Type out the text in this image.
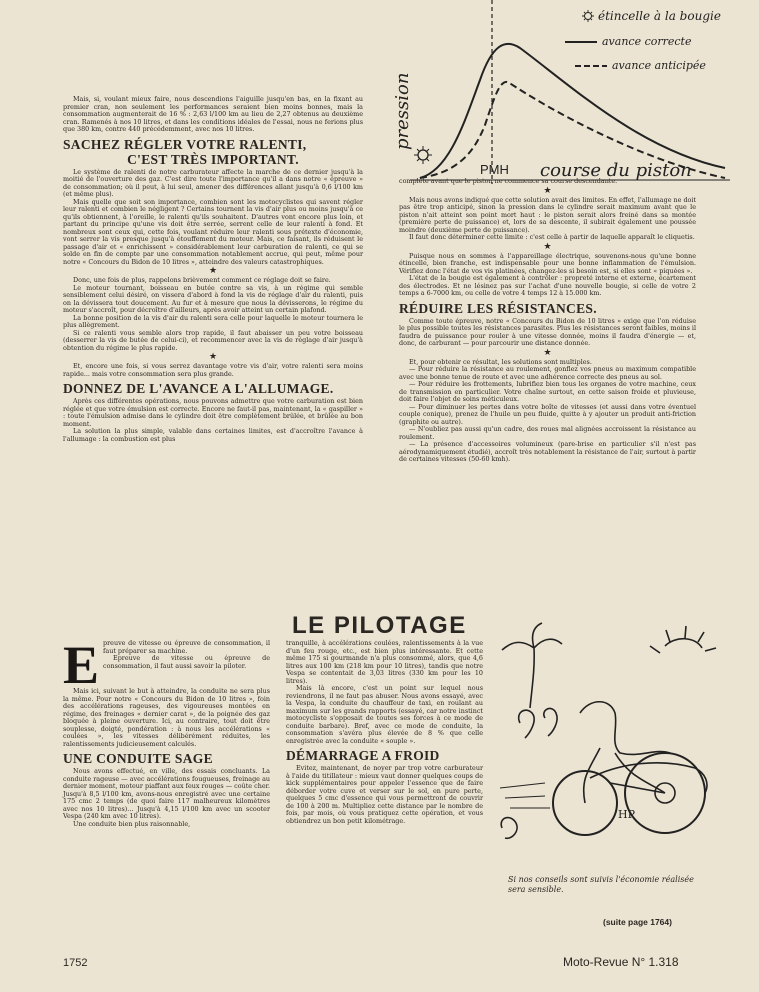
étincelle à la bougie
avance correcte
avance anticipée
pression
PMH course du piston

Mais, si, voulant mieux faire, nous descendions l'aiguille jusqu'en bas, en la fixant au premier cran, non seulement les performances seraient bien moins bonnes, mais la consommation augmenterait de 16 % : 2,63 l/100 km au lieu de 2,27 obtenus au deuxième cran. Ramenés à nos 10 litres, et dans les conditions idéales de l'essai, nous ne ferions plus que 380 km, contre 440 précédemment, avec nos 10 litres.

SACHEZ RÉGLER VOTRE RALENTI,
C'EST TRÈS IMPORTANT.

Le système de ralenti de notre carburateur affecte la marche de ce dernier jusqu'à la moitié de l'ouverture des gaz. C'est dire toute l'importance qu'il a dans notre « épreuve » de consommation; où il peut, à lui seul, amener des différences allant jusqu'à 0,6 l/100 km (et même plus).

Mais quelle que soit son importance, combien sont les motocyclistes qui savent régler leur ralenti et combien le négligent ? Certains tournent la vis d'air plus ou moins jusqu'à ce qu'ils obtiennent, à l'oreille, le ralenti qu'ils souhaitent. D'autres vont encore plus loin, et partant du principe qu'une vis doit être serrée, serrent celle de leur ralenti à fond. Et nombreux sont ceux qui, cette fois, voulant réduire leur ralenti sous prétexte d'économie, vont serrer la vis presque jusqu'à étouffement du moteur. Mais, ce faisant, ils réduisent le passage d'air et « enrichissent » considérablement leur carburation de ralenti, ce qui se solde en fin de compte par une consommation notablement accrue, qui peut, même pour notre « Concours du Bidon de 10 litres », atteindre des valeurs catastrophiques.

★

Donc, une fois de plus, rappelons brièvement comment ce réglage doit se faire.

Le moteur tournant, boisseau en butée contre sa vis, à un régime qui semble sensiblement celui désiré, on vissera d'abord à fond la vis de réglage d'air du ralenti, puis on la dévissera tout doucement. Au fur et à mesure que nous la dévisserons, le régime du moteur s'accroît, pour décroître d'ailleurs, après avoir atteint un certain plafond.

La bonne position de la vis d'air du ralenti sera celle pour laquelle le moteur tournera le plus allègrement.

Si ce ralenti vous semble alors trop rapide, il faut abaisser un peu votre boisseau (desserrer la vis de butée de celui-ci), et recommencer avec la vis de réglage d'air jusqu'à obtention du régime le plus rapide.

★

Et, encore une fois, si vous serrez davantage votre vis d'air, votre ralenti sera moins rapide... mais votre consommation sera plus grande.

DONNEZ DE L'AVANCE A L'ALLUMAGE.

Après ces différentes opérations, nous pouvons admettre que votre carburation est bien réglée et que votre émulsion est correcte. Encore ne faut-il pas, maintenant, la « gaspiller » : toute l'émulsion admise dans le cylindre doit être complètement brûlée, et brûlée au bon moment.

La solution la plus simple, valable dans certaines limites, est d'accroître l'avance à l'allumage : la combustion est plus

complète avant que le piston ne commence sa course descendante.

★

Mais nous avons indiqué que cette solution avait des limites. En effet, l'allumage ne doit pas être trop anticipé, sinon la pression dans le cylindre serait maximum avant que le piston n'ait atteint son point mort haut : le piston serait alors freiné dans sa montée (première perte de puissance) et, lors de sa descente, il subirait également une poussée moindre (deuxième perte de puissance).

Il faut donc déterminer cette limite : c'est celle à partir de laquelle apparaît le cliquetis.

★

Puisque nous en sommes à l'appareillage électrique, souvenons-nous qu'une bonne étincelle, bien franche, est indispensable pour une bonne inflammation de l'émulsion. Vérifiez donc l'état de vos vis platinées, changez-les si besoin est, si elles sont « piquées ».

L'état de la bougie est également à contrôler : propreté interne et externe, écartement des électrodes. Et ne lésinez pas sur l'achat d'une nouvelle bougie, si celle de votre 2 temps a 6-7000 km, ou celle de votre 4 temps 12 à 15.000 km.

RÉDUIRE LES RÉSISTANCES.

Comme toute épreuve, notre « Concours du Bidon de 10 litres » exige que l'on réduise le plus possible toutes les résistances parasites. Plus les résistances seront faibles, moins il faudra de puissance pour rouler à une vitesse donnée, moins il faudra d'énergie — et, donc, de carburant — pour parcourir une distance donnée.

★

Et, pour obtenir ce résultat, les solutions sont multiples.

— Pour réduire la résistance au roulement, gonflez vos pneus au maximum compatible avec une bonne tenue de route et avec une adhérence correcte des pneus au sol.

— Pour réduire les frottements, lubrifiez bien tous les organes de votre machine, ceux de transmission en particulier. Votre chaîne surtout, en cette saison froide et pluvieuse, doit faire l'objet de soins méticuleux.

— Pour diminuer les pertes dans votre boîte de vitesses (et aussi dans votre éventuel couple conique), prenez de l'huile un peu fluide, quitte à y ajouter un produit anti-friction (graphite ou autre).

— N'oubliez pas aussi qu'un cadre, des roues mal alignées accroissent la résistance au roulement.

— La présence d'accessoires volumineux (pare-brise en particulier s'il n'est pas aérodynamiquement étudié), accroît très notablement la résistance de l'air, surtout à partir de certaines vitesses (50-60 kmh).

LE PILOTAGE
E preuve de vitesse ou épreuve de consommation, il faut préparer sa machine.

Epreuve de vitesse ou épreuve de consommation, il faut aussi savoir la piloter.

Mais ici, suivant le but à atteindre, la conduite ne sera plus la même. Pour notre « Concours du Bidon de 10 litres », foin des accélérations rageuses, des vigoureuses montées en régime, des freinages « dernier carat », de la poignée des gaz bloquée à pleine ouverture. Ici, au contraire, tout doit être souplesse, doigté, pondération : à nous les accélérations « coulées », les vitesses délibérément réduites, les ralentissements judicieusement calculés.

UNE CONDUITE SAGE

Nous avons effectué, en ville, des essais concluants. La conduite rageuse — avec accélérations fougueuses, freinage au dernier moment, moteur piaffant aux feux rouges — coûte cher. Jusqu'à 8,5 l/100 km, avons-nous enregistré avec une certaine 175 cmc 2 temps (de quoi faire 117 malheureux kilomètres avec nos 10 litres)... Jusqu'à 4,15 l/100 km avec un scooter Vespa (240 km avec 10 litres).

Une conduite bien plus raisonnable,

tranquille, à accélérations coulées, ralentissements à la vue d'un feu rouge, etc., est bien plus intéressante. Et cette même 175 si gourmande n'a plus consommé, alors, que 4,6 litres aux 100 km (218 km pour 10 litres), tandis que notre Vespa se contentait de 3,03 litres (330 km pour les 10 litres).

Mais là encore, c'est un point sur lequel nous reviendrons, il ne faut pas abuser. Nous avons essayé, avec la Vespa, la conduite du chauffeur de taxi, en roulant au maximum sur les grands rapports (essayé, car notre instinct motocycliste s'opposait de toutes ses forces à ce mode de conduite barbare). Bref, avec ce mode de conduite, la consommation s'avéra plus élevée de 8 % que celle enregistrée avec la conduite « souple ».

DÉMARRAGE A FROID

Evitez, maintenant, de noyer par trop votre carburateur à l'aide du titillateur : mieux vaut donner quelques coups de kick supplémentaires pour appeler l'essence que de faire déborder votre cuve et verser sur le sol, en pure perte, quelques 5 cmc d'essence qui vous permettront de couvrir de 100 à 200 m. Multipliez cette distance par le nombre de fois, par mois, où vous pratiquez cette opération, et vous obtiendrez un bon petit kilométrage.	HP
Si nos conseils sont suivis l'économie réalisée sera sensible.
(suite page 1764)
1752	Moto-Revue N° 1.318
